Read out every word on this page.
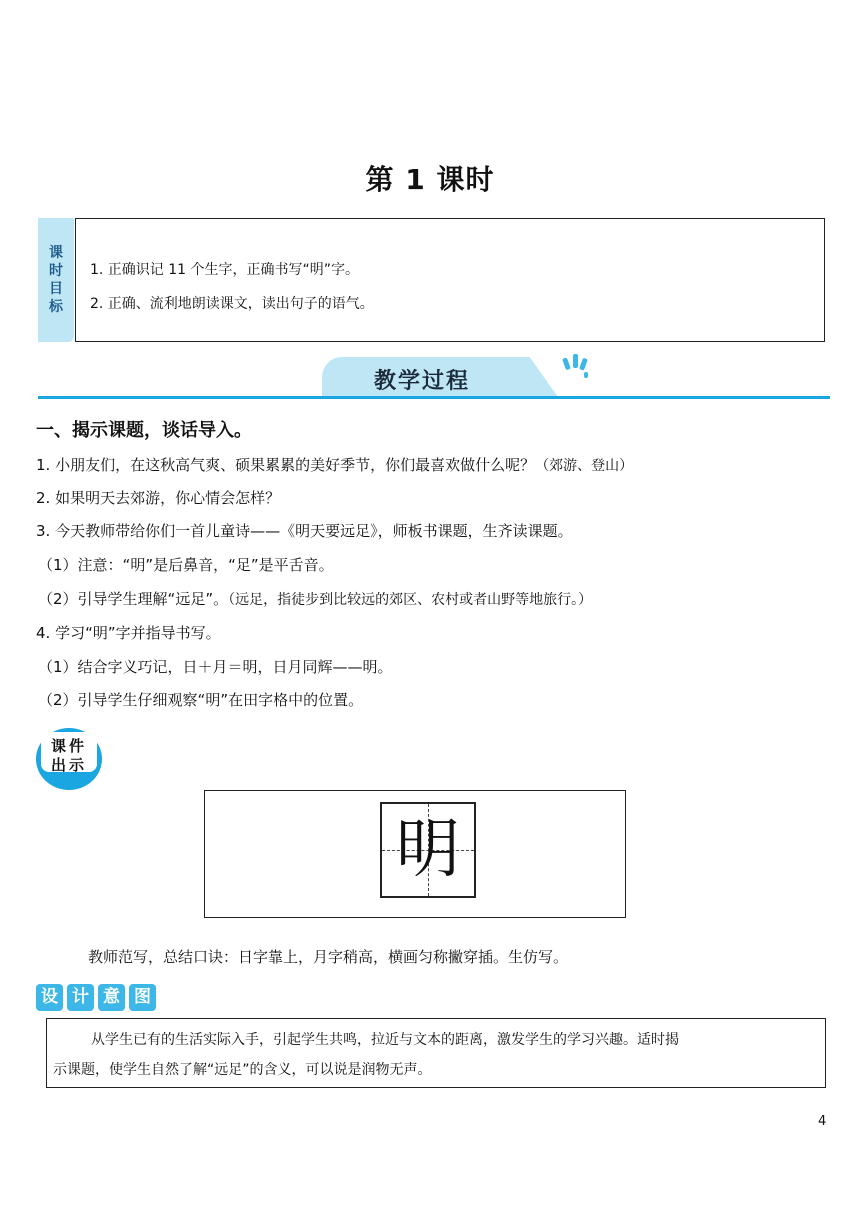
第 1 课时
课
时
目
标
1. 正确识记 11 个生字，正确书写“明”字。
2. 正确、流利地朗读课文，读出句子的语气。
教学过程
一、揭示课题，谈话导入。
1. 小朋友们，在这秋高气爽、硕果累累的美好季节，你们最喜欢做什么呢？（郊游、登山）
2. 如果明天去郊游，你心情会怎样？
3. 今天教师带给你们一首儿童诗——《明天要远足》，师板书课题，生齐读课题。
（1）注意：“明”是后鼻音，“足”是平舌音。
（2）引导学生理解“远足”。（远足，指徒步到比较远的郊区、农村或者山野等地旅行。）
4. 学习“明”字并指导书写。
（1）结合字义巧记，日＋月＝明，日月同辉——明。
（2）引导学生仔细观察“明”在田字格中的位置。
课件
出示
明
教师范写，总结口诀：日字靠上，月字稍高，横画匀称撇穿插。生仿写。
设 计 意 图
从学生已有的生活实际入手，引起学生共鸣，拉近与文本的距离，激发学生的学习兴趣。适时揭
示课题，使学生自然了解“远足”的含义，可以说是润物无声。
4
